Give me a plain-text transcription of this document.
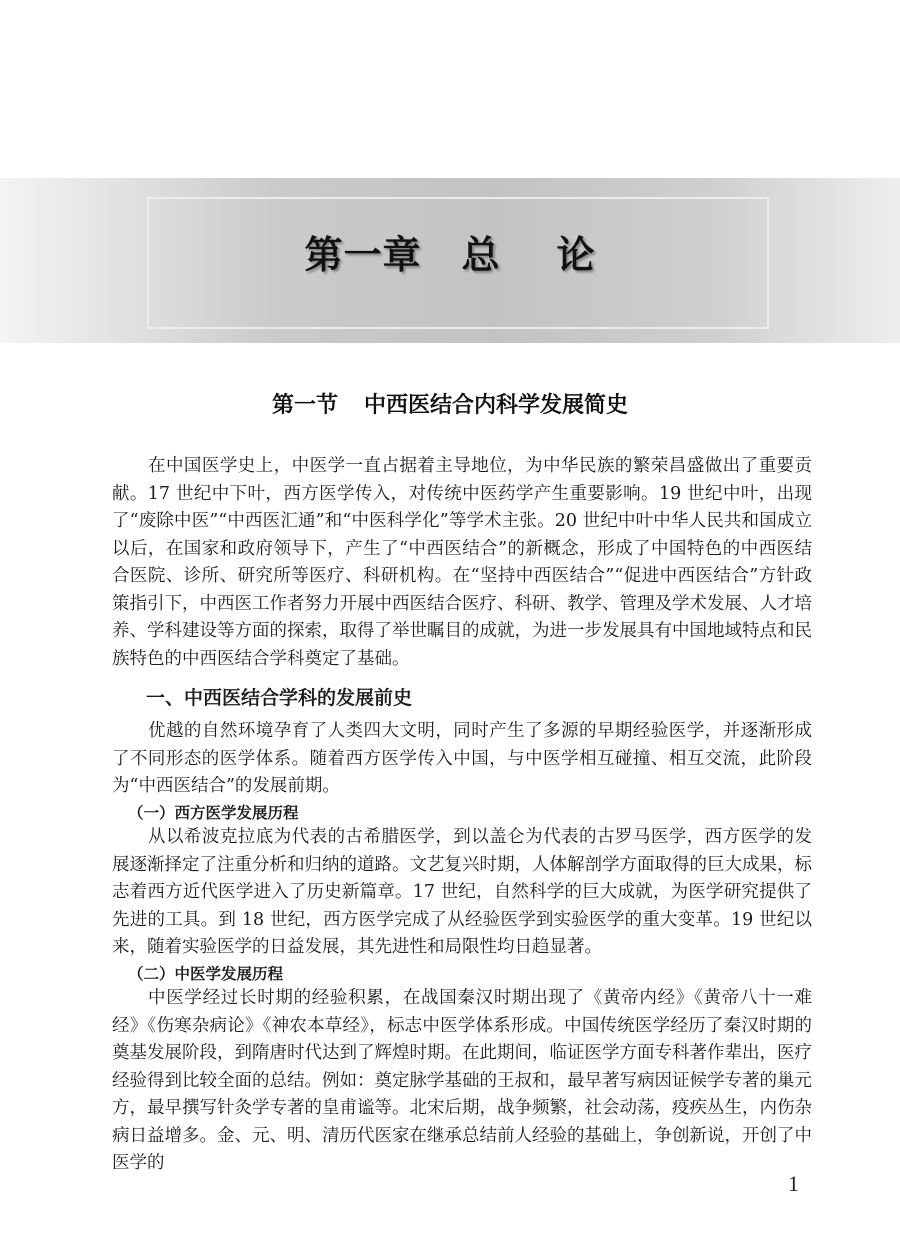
第一章 总 论
第一节 中西医结合内科学发展简史

在中国医学史上，中医学一直占据着主导地位，为中华民族的繁荣昌盛做出了重要贡献。17 世纪中下叶，西方医学传入，对传统中医药学产生重要影响。19 世纪中叶，出现了“废除中医”“中西医汇通”和“中医科学化”等学术主张。20 世纪中叶中华人民共和国成立以后，在国家和政府领导下，产生了“中西医结合”的新概念，形成了中国特色的中西医结合医院、诊所、研究所等医疗、科研机构。在“坚持中西医结合”“促进中西医结合”方针政策指引下，中西医工作者努力开展中西医结合医疗、科研、教学、管理及学术发展、人才培养、学科建设等方面的探索，取得了举世瞩目的成就，为进一步发展具有中国地域特点和民族特色的中西医结合学科奠定了基础。

一、中西医结合学科的发展前史

优越的自然环境孕育了人类四大文明，同时产生了多源的早期经验医学，并逐渐形成了不同形态的医学体系。随着西方医学传入中国，与中医学相互碰撞、相互交流，此阶段为“中西医结合”的发展前期。

（一）西方医学发展历程

从以希波克拉底为代表的古希腊医学，到以盖仑为代表的古罗马医学，西方医学的发展逐渐择定了注重分析和归纳的道路。文艺复兴时期，人体解剖学方面取得的巨大成果，标志着西方近代医学进入了历史新篇章。17 世纪，自然科学的巨大成就，为医学研究提供了先进的工具。到 18 世纪，西方医学完成了从经验医学到实验医学的重大变革。19 世纪以来，随着实验医学的日益发展，其先进性和局限性均日趋显著。

（二）中医学发展历程

中医学经过长时期的经验积累，在战国秦汉时期出现了《黄帝内经》《黄帝八十一难经》《伤寒杂病论》《神农本草经》，标志中医学体系形成。中国传统医学经历了秦汉时期的奠基发展阶段，到隋唐时代达到了辉煌时期。在此期间，临证医学方面专科著作辈出，医疗经验得到比较全面的总结。例如：奠定脉学基础的王叔和，最早著写病因证候学专著的巢元方，最早撰写针灸学专著的皇甫谧等。北宋后期，战争频繁，社会动荡，疫疾丛生，内伤杂病日益增多。金、元、明、清历代医家在继承总结前人经验的基础上，争创新说，开创了中医学的

1
